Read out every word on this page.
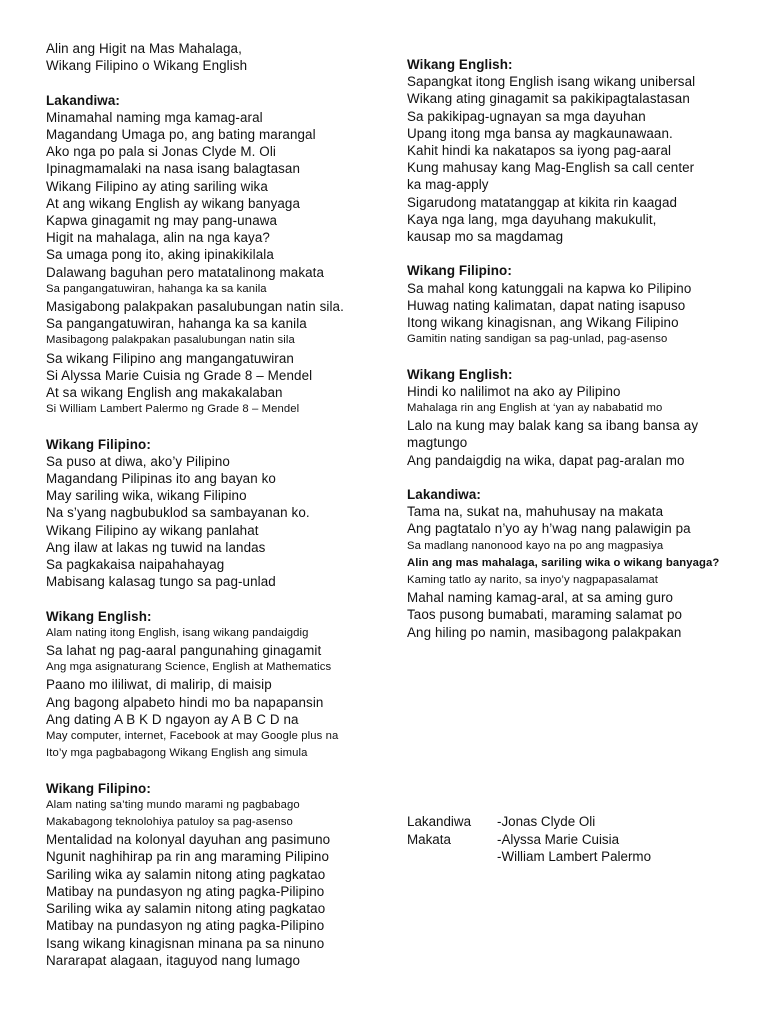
Alin ang Higit na Mas Mahalaga,
Wikang Filipino o Wikang English
Lakandiwa:
Minamahal naming mga kamag-aral
Magandang Umaga po, ang bating marangal
Ako nga po pala si Jonas Clyde M. Oli
Ipinagmamalaki na nasa isang balagtasan
Wikang Filipino ay ating sariling wika
At ang wikang English ay wikang banyaga
Kapwa ginagamit ng may pang-unawa
Higit na mahalaga, alin na nga kaya?
Sa umaga pong ito, aking ipinakikilala
Dalawang baguhan pero matatalinong makata
Sa pangangatuwiran, hahanga ka sa kanila
Masigabong palakpakan pasalubungan natin sila.
Sa pangangatuwiran, hahanga ka sa kanila
Masibagong palakpakan pasalubungan natin sila
Sa wikang Filipino ang mangangatuwiran
Si Alyssa Marie Cuisia ng Grade 8 – Mendel
At sa wikang English ang makakalaban
Si William Lambert Palermo ng Grade 8 – Mendel
Wikang Filipino:
Sa puso at diwa, ako’y Pilipino
Magandang Pilipinas ito ang bayan ko
May sariling wika, wikang Filipino
Na s’yang nagbubuklod sa sambayanan ko.
Wikang Filipino ay wikang panlahat
Ang ilaw at lakas ng tuwid na landas
Sa pagkakaisa naipahahayag
Mabisang kalasag tungo sa pag-unlad
Wikang English:
Alam nating itong English, isang wikang pandaigdig
Sa lahat ng pag-aaral pangunahing ginagamit
Ang mga asignaturang Science, English at Mathematics
Paano mo ililiwat, di malirip, di maisip
Ang bagong alpabeto hindi mo ba napapansin
Ang dating A B K D ngayon ay A B C D na
May computer, internet, Facebook at may Google plus na
Ito’y mga pagbabagong Wikang English ang simula
Wikang Filipino:
Alam nating sa’ting mundo marami ng pagbabago
Makabagong teknolohiya patuloy sa pag-asenso
Mentalidad na kolonyal dayuhan ang pasimuno
Ngunit naghihirap pa rin ang maraming Pilipino
Sariling wika ay salamin nitong ating pagkatao
Matibay na pundasyon ng ating pagka-Pilipino
Sariling wika ay salamin nitong ating pagkatao
Matibay na pundasyon ng ating pagka-Pilipino
Isang wikang kinagisnan minana pa sa ninuno
Nararapat alagaan, itaguyod nang lumago
Wikang English:
Sapangkat itong English isang wikang unibersal
Wikang ating ginagamit sa pakikipagtalastasan
Sa pakikipag-ugnayan sa mga dayuhan
Upang itong mga bansa ay magkaunawaan.
Kahit hindi ka nakatapos sa iyong pag-aaral
Kung mahusay kang Mag-English sa call center
ka mag-apply
Sigarudong matatanggap at kikita rin kaagad
Kaya nga lang, mga dayuhang makukulit,
kausap mo sa magdamag
Wikang Filipino:
Sa mahal kong katunggali na kapwa ko Pilipino
Huwag nating kalimatan, dapat nating isapuso
Itong wikang kinagisnan, ang Wikang Filipino
Gamitin nating sandigan sa pag-unlad, pag-asenso
Wikang English:
Hindi ko nalilimot na ako ay Pilipino
Mahalaga rin ang English at ‘yan ay nababatid mo
Lalo na kung may balak kang sa ibang bansa ay
magtungo
Ang pandaigdig na wika, dapat pag-aralan mo
Lakandiwa:
Tama na, sukat na, mahuhusay na makata
Ang pagtatalo n’yo ay h’wag nang palawigin pa
Sa madlang nanonood kayo na po ang magpasiya
Alin ang mas mahalaga, sariling wika o wikang banyaga?
Kaming tatlo ay narito, sa inyo’y nagpapasalamat
Mahal naming kamag-aral, at sa aming guro
Taos pusong bumabati, maraming salamat po
Ang hiling po namin, masibagong palakpakan
Lakandiwa	-Jonas Clyde Oli
Makata	-Alyssa Marie Cuisia
-William Lambert Palermo
